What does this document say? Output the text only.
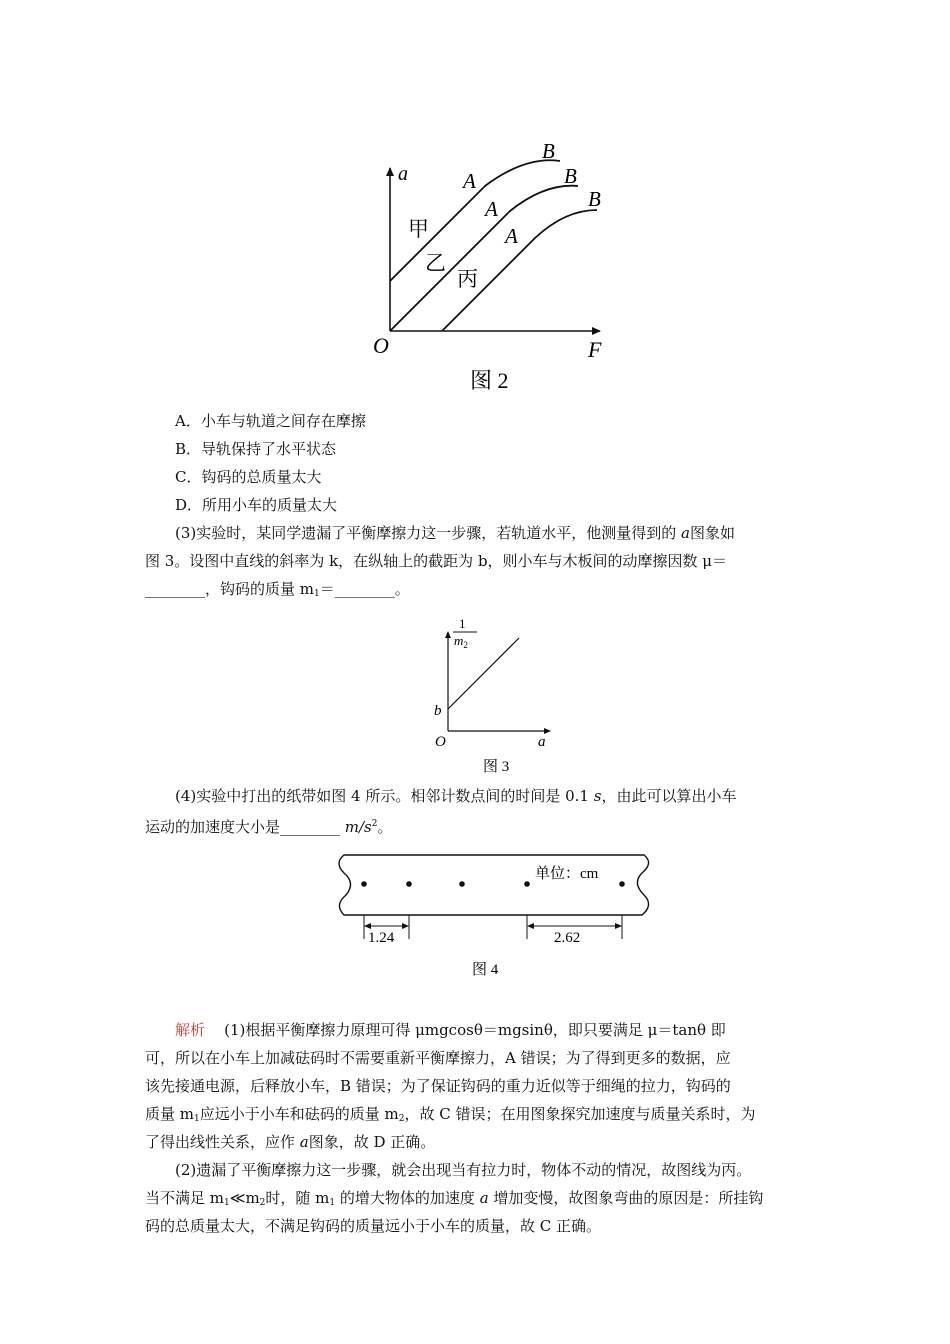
a
F
O
A
A
A
B
B
B
甲
乙
丙
图 2
A．小车与轨道之间存在摩擦
B．导轨保持了水平状态
C．钩码的总质量太大
D．所用小车的质量太大
(3)实验时，某同学遗漏了平衡摩擦力这一步骤，若轨道水平，他测量得到的 a图象如
图 3。设图中直线的斜率为 k，在纵轴上的截距为 b，则小车与木板间的动摩擦因数 μ＝
________，钩码的质量 $m_1=\_\_\_\_\_\_\_\_$。
1
$m_2$
b
O	a
图 3
(4)实验中打出的纸带如图 4 所示。相邻计数点间的时间是 0.1 s，由此可以算出小车
运动的加速度大小是________ $m/s^2$。
单位：cm
1.24	2.62
图 4
解析 (1)根据平衡摩擦力原理可得 μmgcosθ＝mgsinθ，即只要满足 μ＝tanθ 即
可，所以在小车上加减砝码时不需要重新平衡摩擦力，A 错误；为了得到更多的数据，应
该先接通电源，后释放小车，B 错误；为了保证钩码的重力近似等于细绳的拉力，钩码的
质量 $m_1$应远小于小车和砝码的质量 $m_2$，故 C 错误；在用图象探究加速度与质量关系时，为
了得出线性关系，应作 a图象，故 D 正确。
(2)遗漏了平衡摩擦力这一步骤，就会出现当有拉力时，物体不动的情况，故图线为丙。
当不满足 $m_1≪m_2$时，随 $m_1$ 的增大物体的加速度 a 增加变慢，故图象弯曲的原因是：所挂钩
码的总质量太大，不满足钩码的质量远小于小车的质量，故 C 正确。
